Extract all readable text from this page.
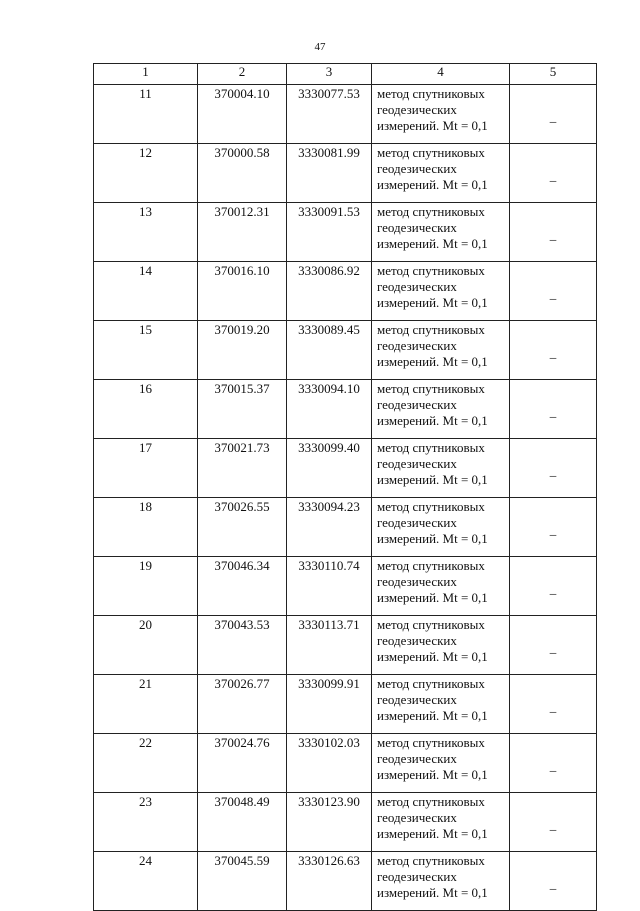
47
1	2	3	4	5
11	370004.10	3330077.53	метод спутниковых
геодезических
измерений. Mt = 0,1	_
12	370000.58	3330081.99	метод спутниковых
геодезических
измерений. Mt = 0,1	_
13	370012.31	3330091.53	метод спутниковых
геодезических
измерений. Mt = 0,1	_
14	370016.10	3330086.92	метод спутниковых
геодезических
измерений. Mt = 0,1	_
15	370019.20	3330089.45	метод спутниковых
геодезических
измерений. Mt = 0,1	_
16	370015.37	3330094.10	метод спутниковых
геодезических
измерений. Mt = 0,1	_
17	370021.73	3330099.40	метод спутниковых
геодезических
измерений. Mt = 0,1	_
18	370026.55	3330094.23	метод спутниковых
геодезических
измерений. Mt = 0,1	_
19	370046.34	3330110.74	метод спутниковых
геодезических
измерений. Mt = 0,1	_
20	370043.53	3330113.71	метод спутниковых
геодезических
измерений. Mt = 0,1	_
21	370026.77	3330099.91	метод спутниковых
геодезических
измерений. Mt = 0,1	_
22	370024.76	3330102.03	метод спутниковых
геодезических
измерений. Mt = 0,1	_
23	370048.49	3330123.90	метод спутниковых
геодезических
измерений. Mt = 0,1	_
24	370045.59	3330126.63	метод спутниковых
геодезических
измерений. Mt = 0,1	_
